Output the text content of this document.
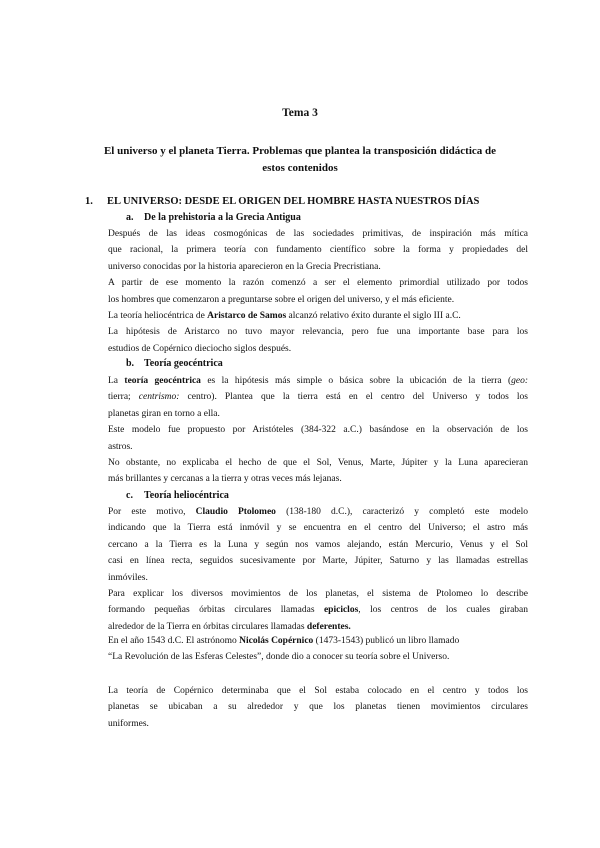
Tema 3
El universo y el planeta Tierra. Problemas que plantea la transposición didáctica de
estos contenidos
1. EL UNIVERSO: DESDE EL ORIGEN DEL HOMBRE HASTA NUESTROS DÍAS
a. De la prehistoria a la Grecia Antigua

Después de las ideas cosmogónicas de las sociedades primitivas, de inspiración más mítica

que racional, la primera teoría con fundamento científico sobre la forma y propiedades del

universo conocidas por la historia aparecieron en la Grecia Precristiana.

A partir de ese momento la razón comenzó a ser el elemento primordial utilizado por todos

los hombres que comenzaron a preguntarse sobre el origen del universo, y el más eficiente.

La teoría heliocéntrica de Aristarco de Samos alcanzó relativo éxito durante el siglo III a.C.

La hipótesis de Aristarco no tuvo mayor relevancia, pero fue una importante base para los

estudios de Copérnico dieciocho siglos después.

b. Teoría geocéntrica

La teoría geocéntrica es la hipótesis más simple o básica sobre la ubicación de la tierra (geo:

tierra; centrismo: centro). Plantea que la tierra está en el centro del Universo y todos los

planetas giran en torno a ella.

Este modelo fue propuesto por Aristóteles (384-322 a.C.) basándose en la observación de los

astros.

No obstante, no explicaba el hecho de que el Sol, Venus, Marte, Júpiter y la Luna aparecieran

más brillantes y cercanas a la tierra y otras veces más lejanas.

c. Teoría heliocéntrica

Por este motivo, Claudio Ptolomeo (138-180 d.C.), caracterizó y completó este modelo

indicando que la Tierra está inmóvil y se encuentra en el centro del Universo; el astro más

cercano a la Tierra es la Luna y según nos vamos alejando, están Mercurio, Venus y el Sol

casi en línea recta, seguidos sucesivamente por Marte, Júpiter, Saturno y las llamadas estrellas

inmóviles.

Para explicar los diversos movimientos de los planetas, el sistema de Ptolomeo lo describe

formando pequeñas órbitas circulares llamadas epiciclos, los centros de los cuales giraban

alrededor de la Tierra en órbitas circulares llamadas deferentes.

En el año 1543 d.C. El astrónomo Nicolás Copérnico (1473-1543) publicó un libro llamado

“La Revolución de las Esferas Celestes”, donde dio a conocer su teoría sobre el Universo.

La teoría de Copérnico determinaba que el Sol estaba colocado en el centro y todos los

planetas se ubicaban a su alrededor y que los planetas tienen movimientos circulares

uniformes.
